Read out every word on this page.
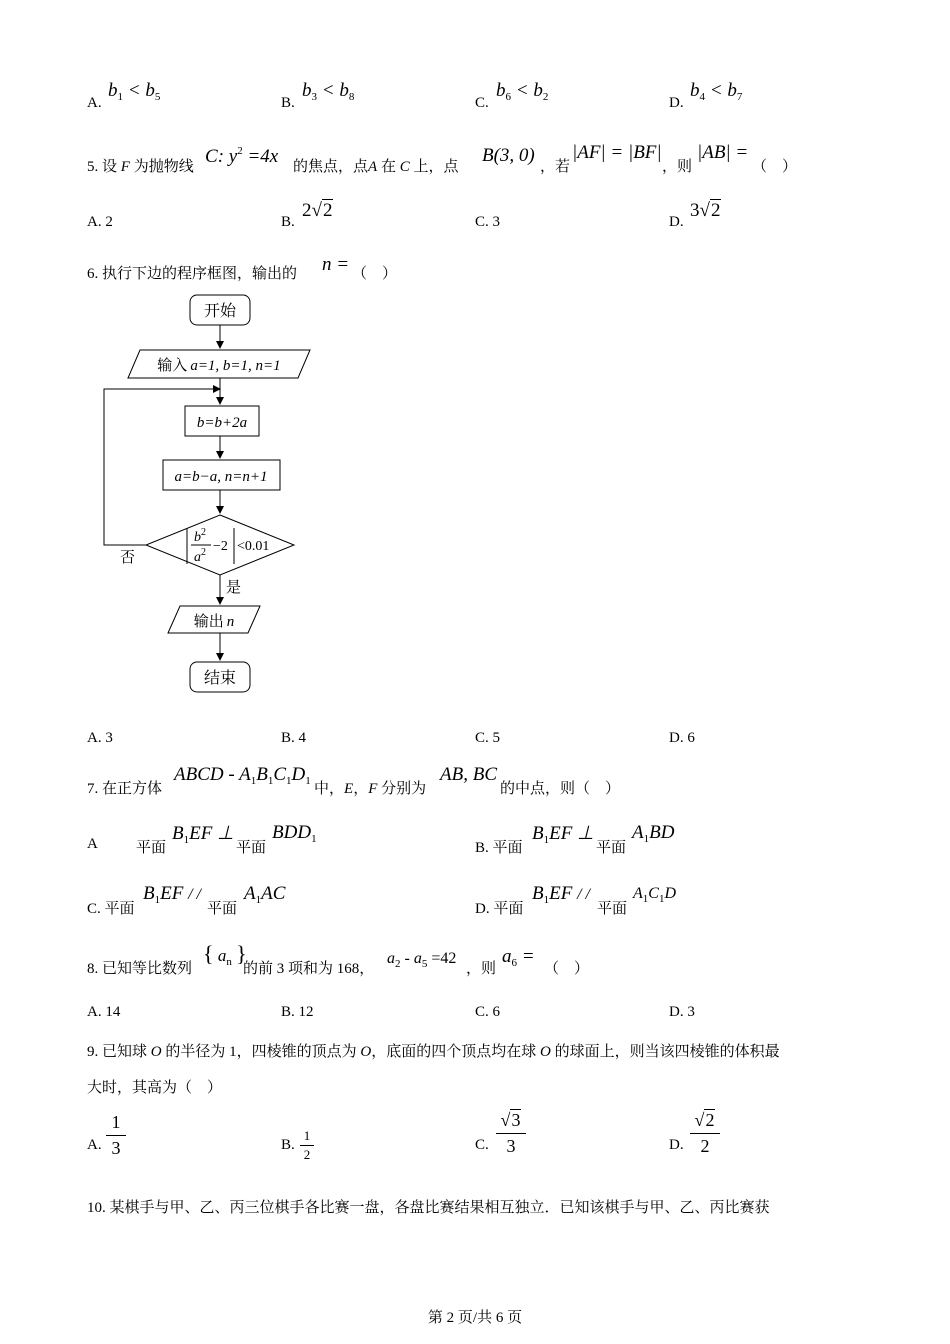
A.
$b_1 < b_5$	B.
$b_3 < b_8$	C.
$b_6 < b_2$	D.
$b_4 < b_7$
5. 设 F 为抛物线 C: $y^2 =4x$ 的焦点，点A 在 C 上，点
B(3, 0)
，若
|AF| = |BF|
，则
|AB| =
（　）
A. 2	B.
2√2
C. 3	D.
3√2
6. 执行下边的程序框图，输出的 n = （　）
开始
输入 a=1, b=1, n=1
b=b+2a
a=b−a, n=n+1
$b^2$
$a^2 -2 <0.01$
否
是
输出 n
结束
A. 3	B. 4	C. 5	D. 6
7. 在正方体
ABCD - $A_1B_1C_1D_1$ 中，E，F 分别为
AB, BC
的中点，则（　）
A	平面
$B_1EF$ ⊥
平面
$BDD_1$
B. 平面
$B_1EF$ ⊥
平面
$A_1BD$
C. 平面
$B_1EF$ / /
平面
$A_1AC$
D. 平面
$B_1EF$ / /
平面
$A_1C_1D$
8. 已知等比数列
{ $a_n$ }
的前 3 项和为 168，
$a_2 - a_5 =42$
，则
$a_6$ =
（　）
A. 14	B. 12	C. 6	D. 3
9. 已知球 O 的半径为 1，四棱锥的顶点为 O，底面的四个顶点均在球 O 的球面上，则当该四棱锥的体积最
大时，其高为（　）
A.
1
3	B.
1
2
C.
√3
3	D.
√2
2
10. 某棋手与甲、乙、丙三位棋手各比赛一盘，各盘比赛结果相互独立．已知该棋手与甲、乙、丙比赛获
第 2 页/共 6 页
